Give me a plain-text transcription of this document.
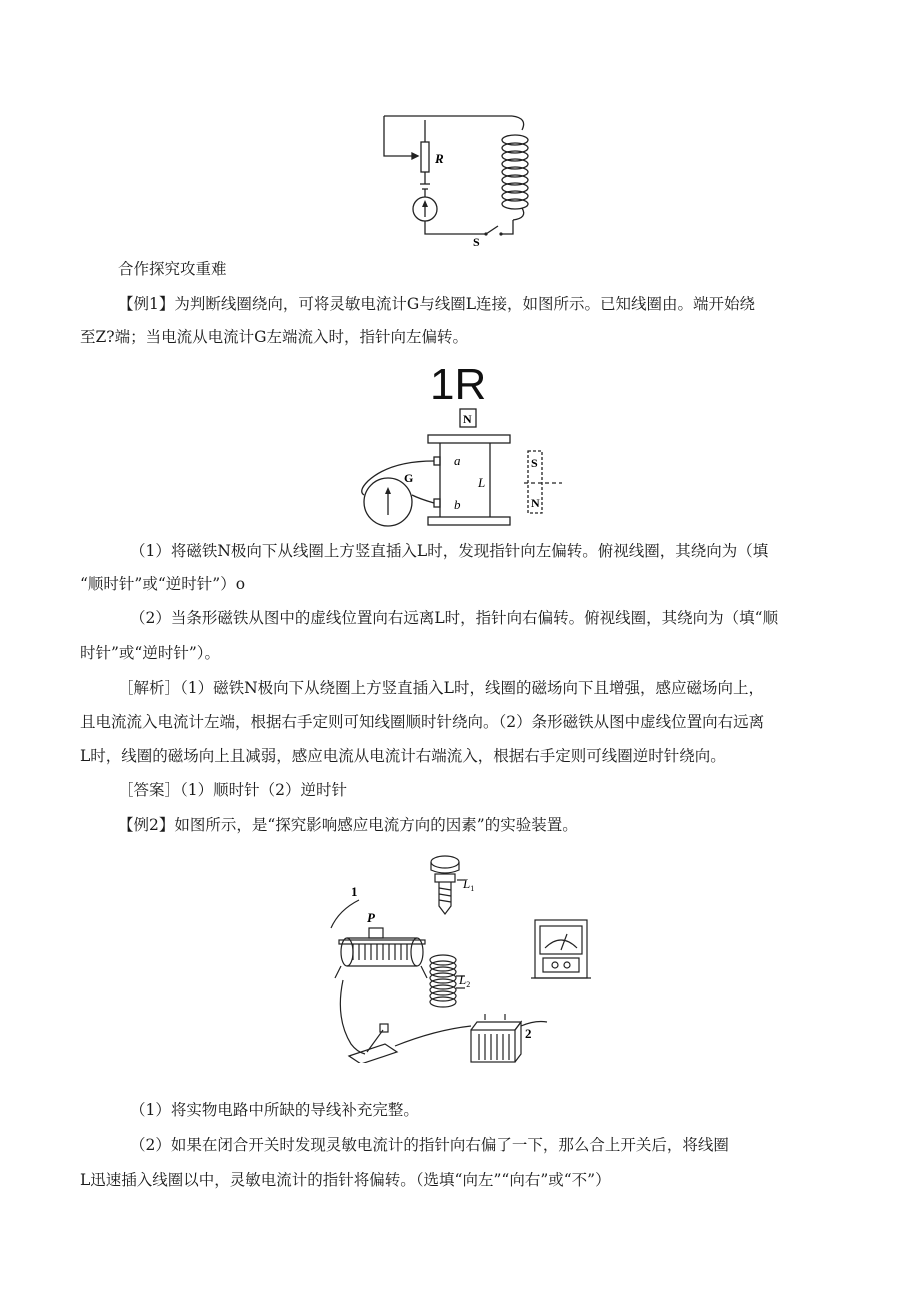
R
S
合作探究攻重难
【例1】为判断线圈绕向，可将灵敏电流计G与线圈L连接，如图所示。已知线圈由。端开始绕
至Z?端；当电流从电流计G左端流入时，指针向左偏转。
1R
N
a
b
L
G
S
N
（1）将磁铁N极向下从线圈上方竖直插入L时，发现指针向左偏转。俯视线圈，其绕向为（填
“顺时针”或“逆时针”）o
（2）当条形磁铁从图中的虚线位置向右远离L时，指针向右偏转。俯视线圈，其绕向为（填“顺
时针”或“逆时针”）。
［解析］（1）磁铁N极向下从绕圈上方竖直插入L时，线圈的磁场向下且增强，感应磁场向上，
且电流流入电流计左端，根据右手定则可知线圈顺时针绕向。（2）条形磁铁从图中虚线位置向右远离
L时，线圈的磁场向上且减弱，感应电流从电流计右端流入，根据右手定则可线圈逆时针绕向。
［答案］（1）顺时针（2）逆时针
【例2】如图所示，是“探究影响感应电流方向的因素”的实验装置。
1
P
$L_1$
$L_2$
2
（1）将实物电路中所缺的导线补充完整。
（2）如果在闭合开关时发现灵敏电流计的指针向右偏了一下，那么合上开关后，将线圈
L迅速插入线圈以中，灵敏电流计的指针将偏转。（选填“向左”“向右”或“不”）
